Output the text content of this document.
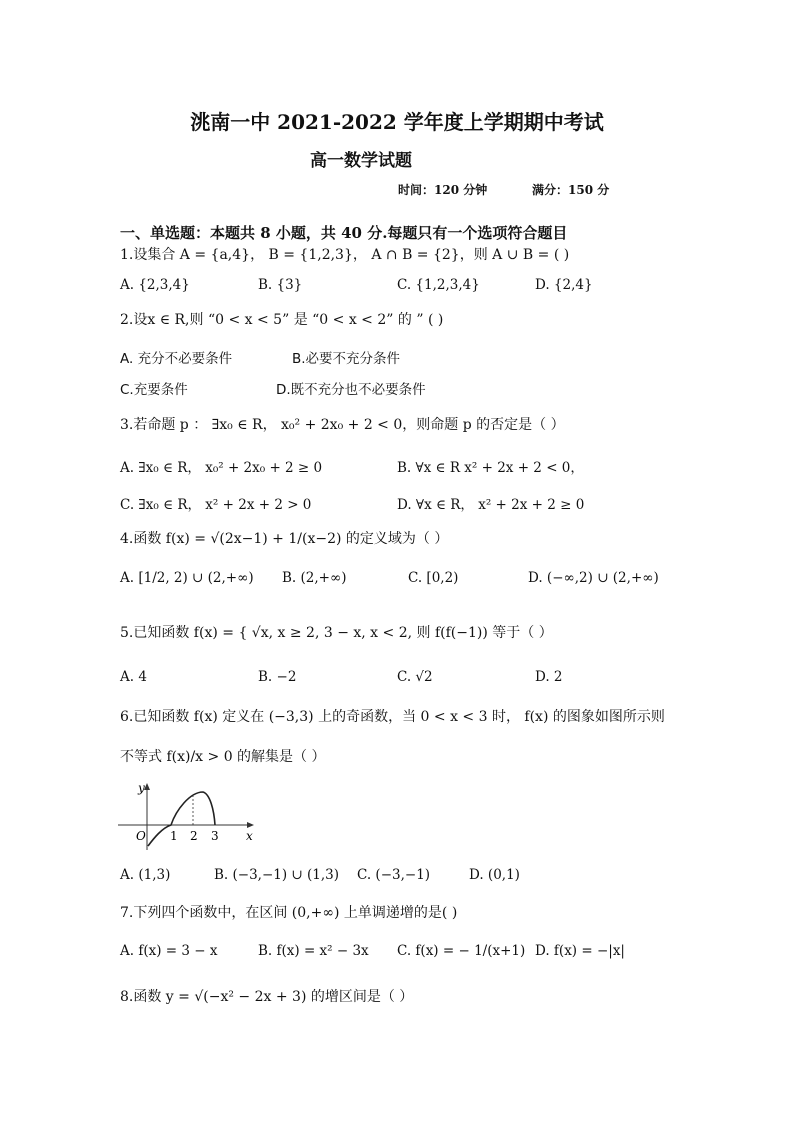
洮南一中 2021-2022 学年度上学期期中考试
高一数学试题
时间：120 分钟	满分：150 分
一、单选题：本题共 8 小题，共 40 分.每题只有一个选项符合题目
1.设集合 A = {a,4}， B = {1,2,3}， A ∩ B = {2}，则 A ∪ B = ( )
A. {2,3,4}	B. {3}	C. {1,2,3,4}	D. {2,4}
2.设x ∈ R,则 “0 < x < 5” 是 “0 < x < 2” 的 ” ( )
A. 充分不必要条件	B.必要不充分条件
C.充要条件	D.既不充分也不必要条件
3.若命题 p ： ∃x₀ ∈ R， x₀² + 2x₀ + 2 < 0，则命题 p 的否定是（ ）
A. ∃x₀ ∈ R， x₀² + 2x₀ + 2 ≥ 0	B. ∀x ∈ R x² + 2x + 2 < 0，
C. ∃x₀ ∈ R， x² + 2x + 2 > 0	D. ∀x ∈ R， x² + 2x + 2 ≥ 0
4.函数 f(x) = √(2x−1) + 1/(x−2) 的定义域为（ ）
A. [1/2, 2) ∪ (2,+∞) B. (2,+∞)	C. [0,2)	D. (−∞,2) ∪ (2,+∞)
5.已知函数 f(x) = { √x, x ≥ 2, 3 − x, x < 2, 则 f(f(−1)) 等于（ ）
A. 4	B. −2	C. √2	D. 2
6.已知函数 f(x) 定义在 (−3,3) 上的奇函数，当 0 < x < 3 时， f(x) 的图象如图所示则
不等式 f(x)/x > 0 的解集是（ ）
y
x
O 1 2 3
A. (1,3)	B. (−3,−1) ∪ (1,3) C. (−3,−1)	D. (0,1)
7.下列四个函数中，在区间 (0,+∞) 上单调递增的是( )
A. f(x) = 3 − x	B. f(x) = x² − 3x C. f(x) = − 1/(x+1) D. f(x) = −|x|
8.函数 y = √(−x² − 2x + 3) 的增区间是（ ）
